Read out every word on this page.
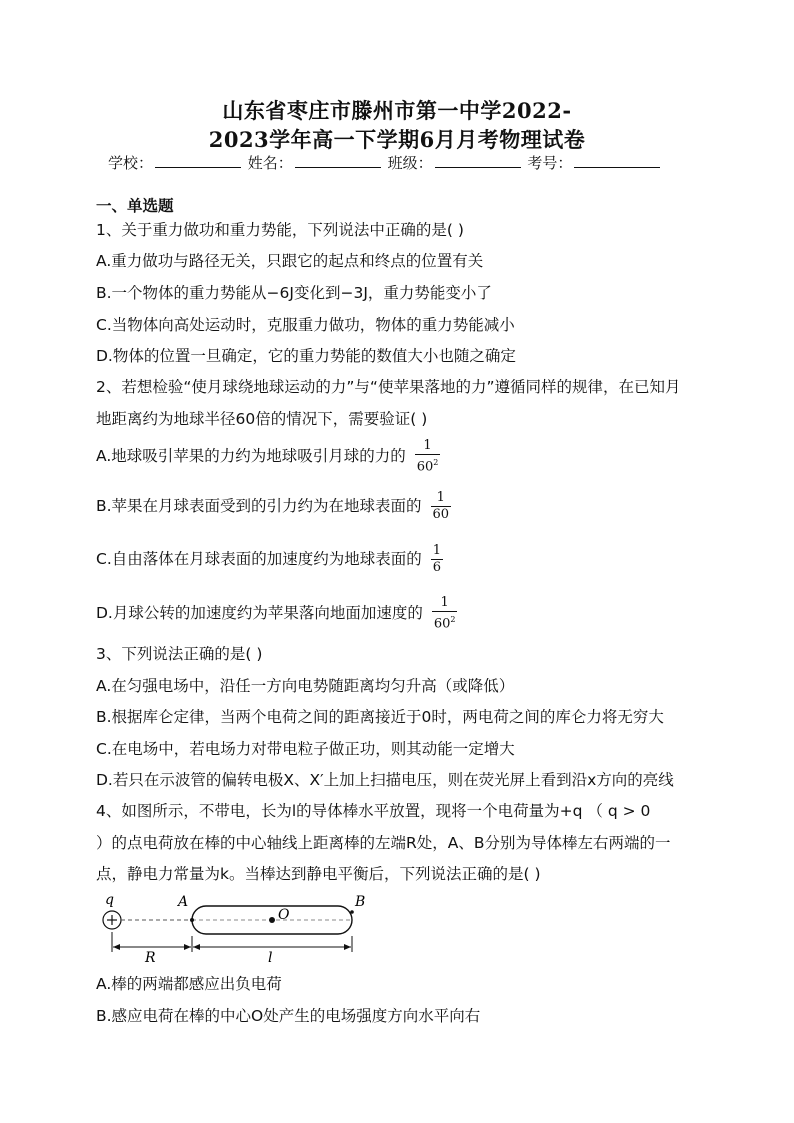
山东省枣庄市滕州市第一中学2022-
2023学年高一下学期6月月考物理试卷
学校：	姓名：	班级：	考号：
一、单选题
1、关于重力做功和重力势能，下列说法中正确的是( )
A.重力做功与路径无关，只跟它的起点和终点的位置有关
B.一个物体的重力势能从−6J变化到−3J，重力势能变小了
C.当物体向高处运动时，克服重力做功，物体的重力势能减小
D.物体的位置一旦确定，它的重力势能的数值大小也随之确定
2、若想检验“使月球绕地球运动的力”与“使苹果落地的力”遵循同样的规律，在已知月
地距离约为地球半径60倍的情况下，需要验证( )
A.地球吸引苹果的力约为地球吸引月球的力的 $\frac{1}{60^2}$
B.苹果在月球表面受到的引力约为在地球表面的 $\frac{1}{60}$
C.自由落体在月球表面的加速度约为地球表面的 $\frac{1}{6}$
D.月球公转的加速度约为苹果落向地面加速度的 $\frac{1}{60^2}$
3、下列说法正确的是( )
A.在匀强电场中，沿任一方向电势随距离均匀升高（或降低）
B.根据库仑定律，当两个电荷之间的距离接近于0时，两电荷之间的库仑力将无穷大
C.在电场中，若电场力对带电粒子做正功，则其动能一定增大
D.若只在示波管的偏转电极X、X′上加上扫描电压，则在荧光屏上看到沿x方向的亮线
4、如图所示，不带电，长为l的导体棒水平放置，现将一个电荷量为+q （ q > 0
）的点电荷放在棒的中心轴线上距离棒的左端R处，A、B分别为导体棒左右两端的一
点，静电力常量为k。当棒达到静电平衡后，下列说法正确的是( )
q	A	B
O
R	l
A.棒的两端都感应出负电荷
B.感应电荷在棒的中心O处产生的电场强度方向水平向右
